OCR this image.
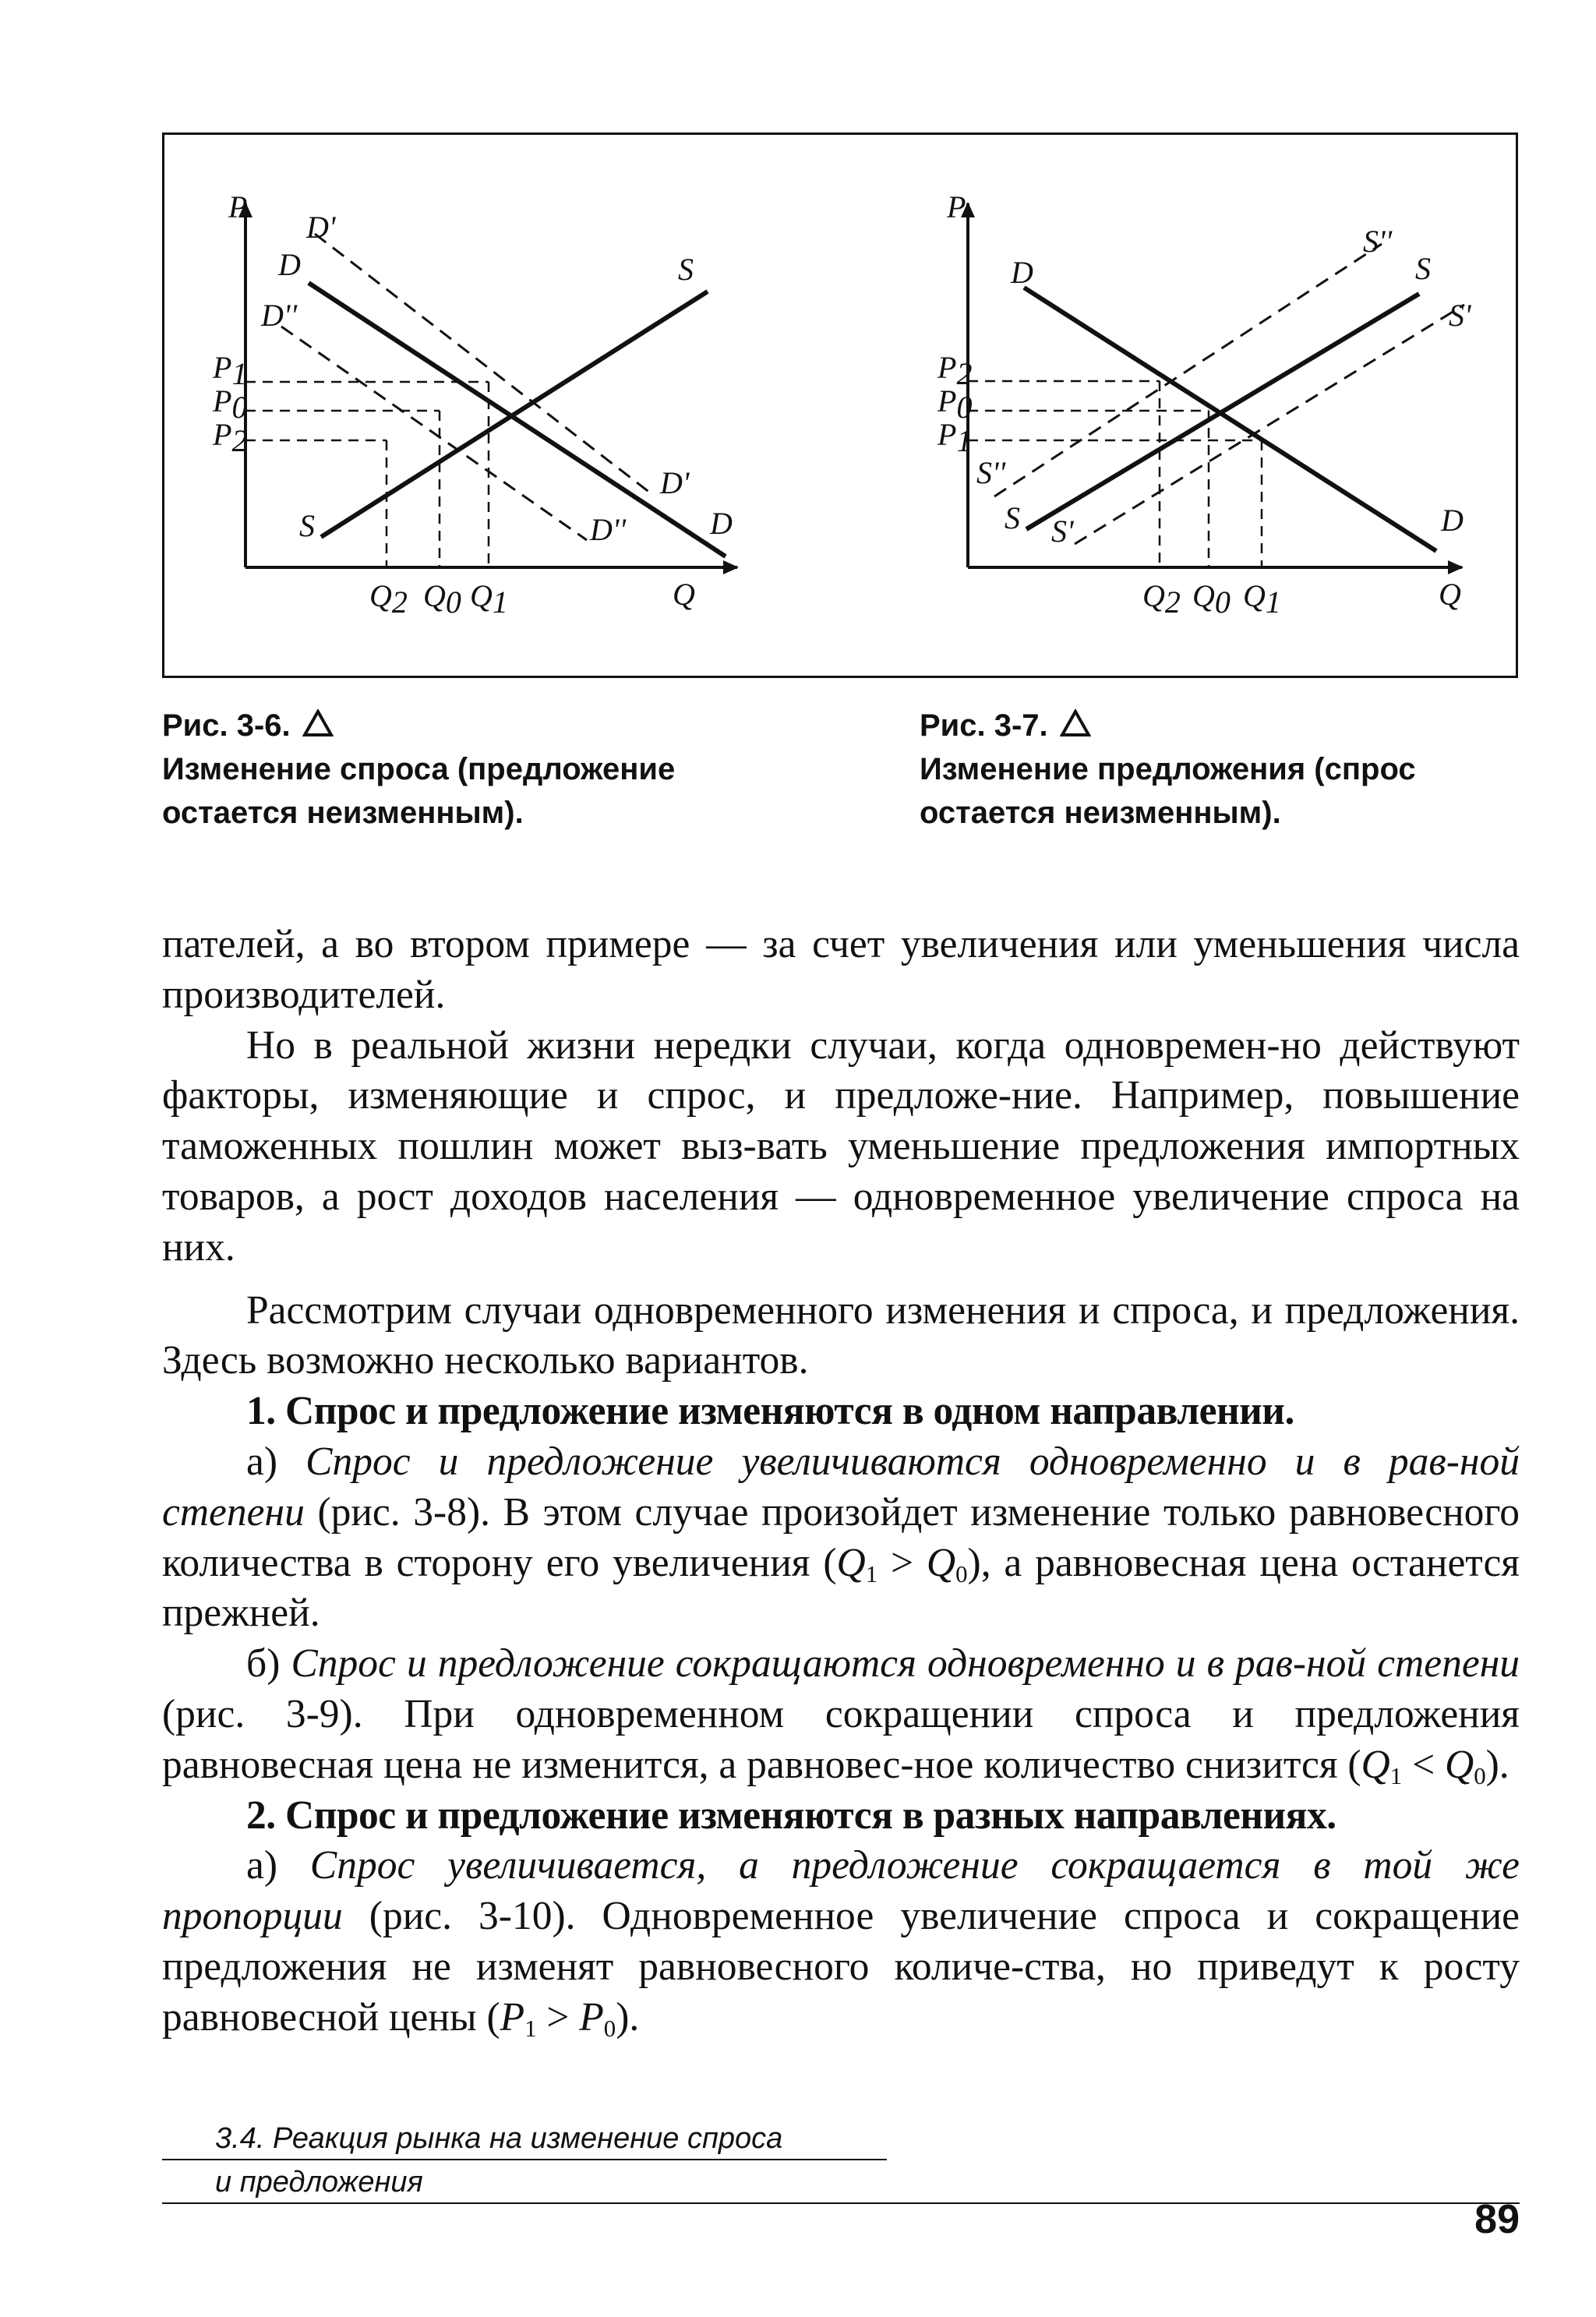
P
Q
P1
P0
P2
Q2 Q0 Q1
D'
D
D''
S
S
D'
D''	D
P
Q
P2
P0
P1
Q2 Q0 Q1
D
S''
S
S'
S''
S S'	D
Рис. 3-6.
Изменение спроса (предложение остается неизменным).
Рис. 3-7.
Изменение предложения (спрос остается неизменным).

пателей, а во втором примере — за счет увеличения или уменьшения числа производителей.

Но в реальной жизни нередки случаи, когда одновремен-но действуют факторы, изменяющие и спрос, и предложе-ние. Например, повышение таможенных пошлин может выз-вать уменьшение предложения импортных товаров, а рост доходов населения — одновременное увеличение спроса на них.

Рассмотрим случаи одновременного изменения и спроса, и предложения. Здесь возможно несколько вариантов.

1. Спрос и предложение изменяются в одном направлении.

а) Спрос и предложение увеличиваются одновременно и в рав-ной степени (рис. 3-8). В этом случае произойдет изменение только равновесного количества в сторону его увеличения $(Q_1 > Q_0)$, а равновесная цена останется прежней.

б) Спрос и предложение сокращаются одновременно и в рав-ной степени (рис. 3-9). При одновременном сокращении спроса и предложения равновесная цена не изменится, а равновес-ное количество снизится $(Q_1 < Q_0)$.

2. Спрос и предложение изменяются в разных направлениях.

а) Спрос увеличивается, а предложение сокращается в той же пропорции (рис. 3-10). Одновременное увеличение спроса и сокращение предложения не изменят равновесного количе-ства, но приведут к росту равновесной цены $(P_1 > P_0)$.

3.4. Реакция рынка на изменение спроса
и предложения
89
